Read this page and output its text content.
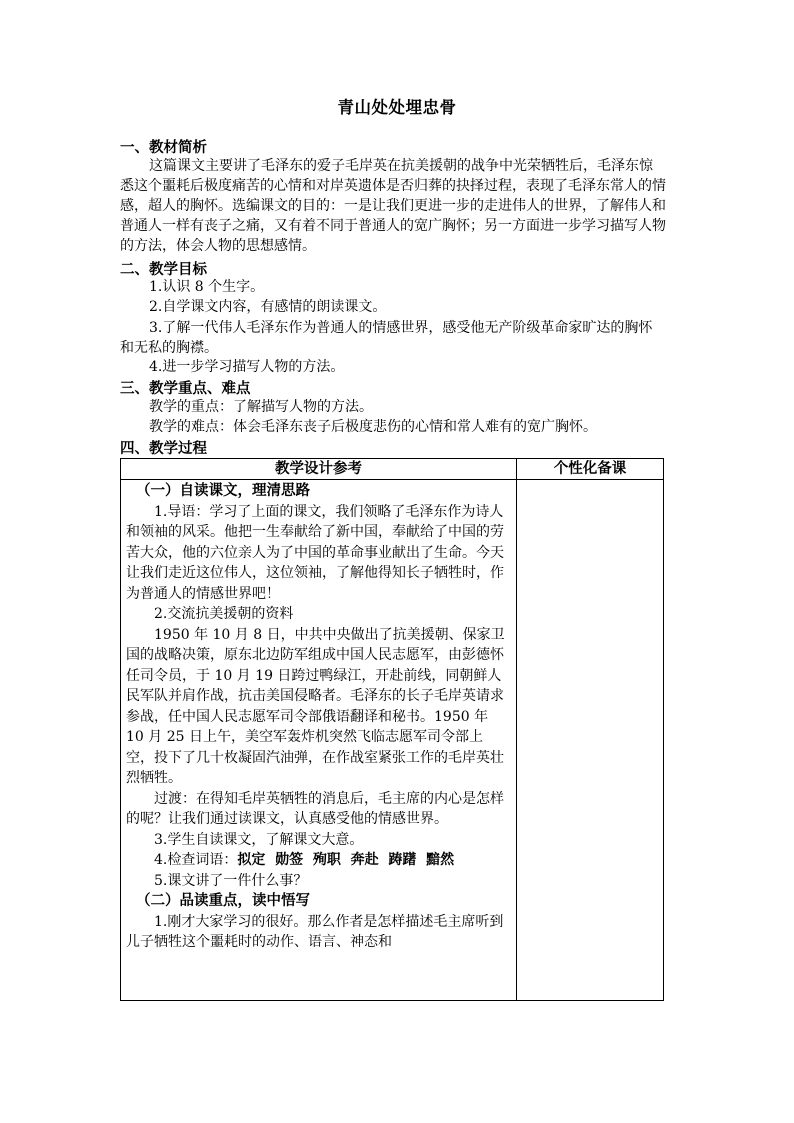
青山处处埋忠骨
一、教材简析
这篇课文主要讲了毛泽东的爱子毛岸英在抗美援朝的战争中光荣牺牲后，毛泽东惊悉这个噩耗后极度痛苦的心情和对岸英遗体是否归葬的抉择过程，表现了毛泽东常人的情感，超人的胸怀。选编课文的目的：一是让我们更进一步的走进伟人的世界，了解伟人和普通人一样有丧子之痛，又有着不同于普通人的宽广胸怀；另一方面进一步学习描写人物的方法，体会人物的思想感情。
二、教学目标
1.认识 8 个生字。
2.自学课文内容，有感情的朗读课文。
3.了解一代伟人毛泽东作为普通人的情感世界，感受他无产阶级革命家旷达的胸怀和无私的胸襟。
4.进一步学习描写人物的方法。
三、教学重点、难点
教学的重点：了解描写人物的方法。
教学的难点：体会毛泽东丧子后极度悲伤的心情和常人难有的宽广胸怀。
四、教学过程
教学设计参考	个性化备课
（一）自读课文，理清思路
1.导语：学习了上面的课文，我们领略了毛泽东作为诗人和领袖的风采。他把一生奉献给了新中国，奉献给了中国的劳苦大众，他的六位亲人为了中国的革命事业献出了生命。今天让我们走近这位伟人，这位领袖，了解他得知长子牺牲时，作为普通人的情感世界吧！
2.交流抗美援朝的资料
1950 年 10 月 8 日，中共中央做出了抗美援朝、保家卫国的战略决策，原东北边防军组成中国人民志愿军，由彭德怀任司令员，于 10 月 19 日跨过鸭绿江，开赴前线，同朝鲜人民军队并肩作战，抗击美国侵略者。毛泽东的长子毛岸英请求参战，任中国人民志愿军司令部俄语翻译和秘书。1950 年 10 月 25 日上午，美空军轰炸机突然飞临志愿军司令部上空，投下了几十枚凝固汽油弹，在作战室紧张工作的毛岸英壮烈牺牲。
过渡：在得知毛岸英牺牲的消息后，毛主席的内心是怎样的呢？让我们通过读课文，认真感受他的情感世界。
3.学生自读课文，了解课文大意。
4.检查词语：拟定  勋签  殉职  奔赴  踌躇  黯然
5.课文讲了一件什么事？
（二）品读重点，读中悟写
1.刚才大家学习的很好。那么作者是怎样描述毛主席听到儿子牺牲这个噩耗时的动作、语言、神态和
